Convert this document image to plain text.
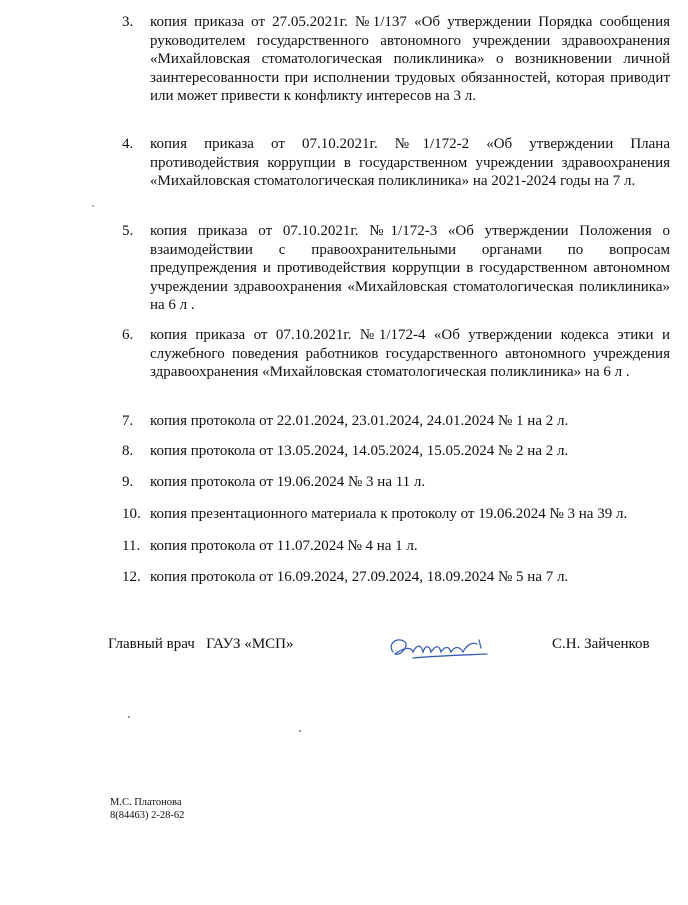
3.	копия приказа от 27.05.2021г. №1/137 «Об утверждении Порядка сообщения руководителем государственного автономного учреждении здравоохранения «Михайловская стоматологическая поликлиника» о возникновении личной заинтересованности при исполнении трудовых обязанностей, которая приводит или может привести к конфликту интересов на 3 л.
4.	копия приказа от 07.10.2021г. №1/172-2 «Об утверждении Плана противодействия коррупции в государственном учреждении здравоохранения «Михайловская стоматологическая поликлиника» на 2021-2024 годы на 7 л.
5.	копия приказа от 07.10.2021г. №1/172-3 «Об утверждении Положения о взаимодействии с правоохранительными органами по вопросам предупреждения и противодействия коррупции в государственном автономном учреждении здравоохранения «Михайловская стоматологическая поликлиника» на 6 л .
6.	копия приказа от 07.10.2021г. №1/172-4 «Об утверждении кодекса этики и служебного поведения работников государственного автономного учреждения здравоохранения «Михайловская стоматологическая поликлиника» на 6 л .
7.	копия протокола от 22.01.2024, 23.01.2024, 24.01.2024 № 1 на 2 л.
8.	копия протокола от 13.05.2024, 14.05.2024, 15.05.2024 № 2 на 2 л.
9.	копия протокола от 19.06.2024 № 3 на 11 л.
10. копия презентационного материала к протоколу от 19.06.2024 № 3 на 39 л.
11. копия протокола от 11.07.2024 № 4 на 1 л.
12. копия протокола от 16.09.2024, 27.09.2024, 18.09.2024 № 5 на 7 л.
Главный врач   ГАУЗ «МСП»	С.Н. Зайченков
М.С. Платонова
8(84463) 2-28-62
